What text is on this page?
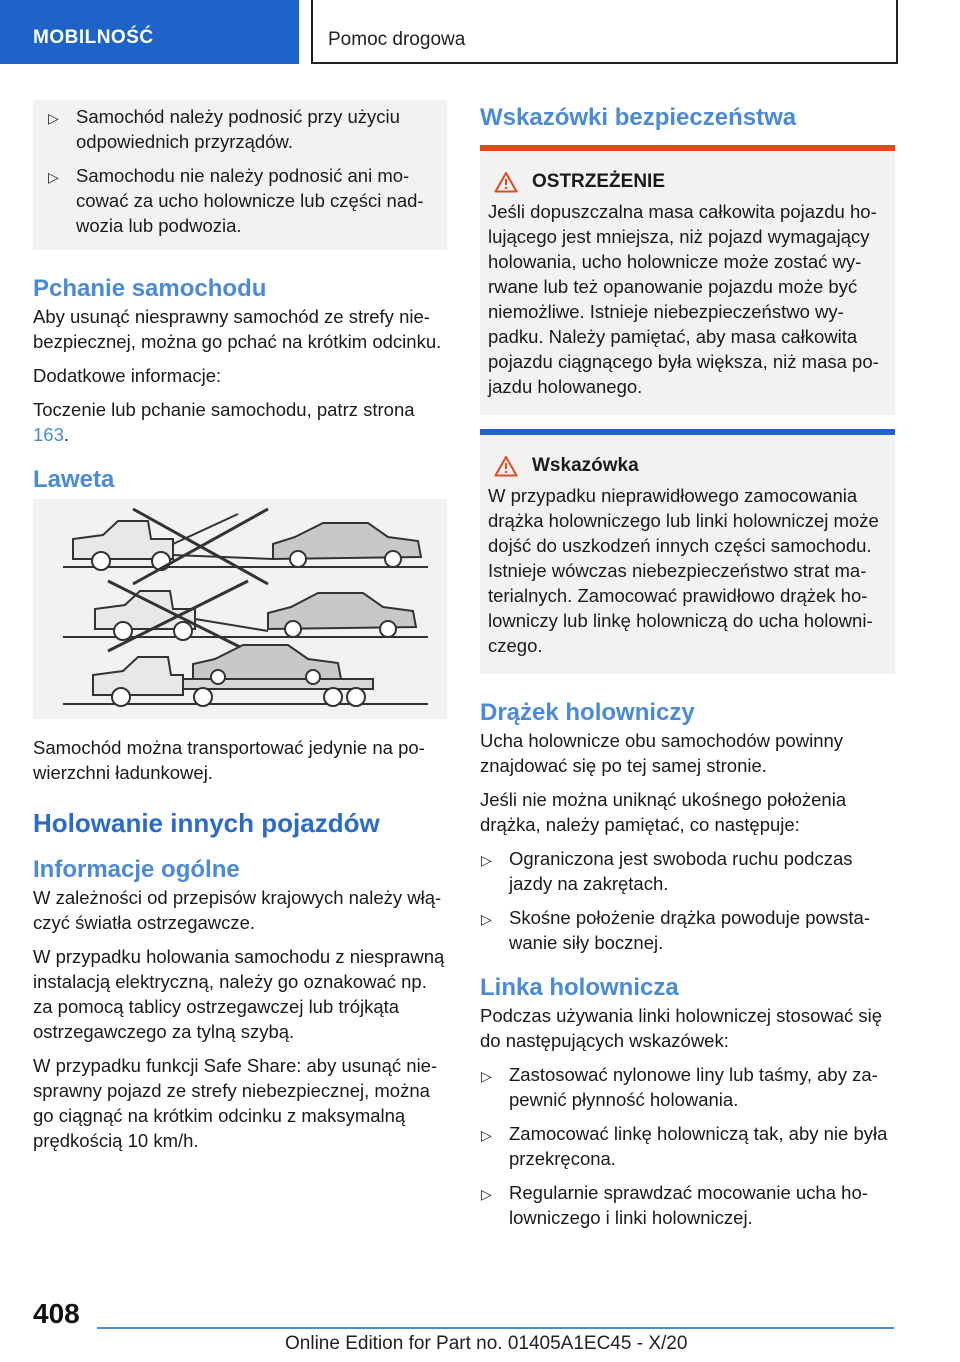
MOBILNOŚĆ	Pomoc drogowa
▷ Samochód należy podnosić przy użyciu odpowiednich przyrządów.
▷ Samochodu nie należy podnosić ani mocować za ucho holownicze lub części nadwozia lub podwozia.
Pchanie samochodu

Aby usunąć niesprawny samochód ze strefy niebezpiecznej, można go pchać na krótkim odcinku.

Dodatkowe informacje:

Toczenie lub pchanie samochodu, patrz strona 163.

Laweta

Samochód można transportować jedynie na powierzchni ładunkowej.

Holowanie innych pojazdów
Informacje ogólne

W zależności od przepisów krajowych należy włączyć światła ostrzegawcze.

W przypadku holowania samochodu z niesprawną instalacją elektryczną, należy go oznakować np. za pomocą tablicy ostrzegawczej lub trójkąta ostrzegawczego za tylną szybą.

W przypadku funkcji Safe Share: aby usunąć niesprawny pojazd ze strefy niebezpiecznej, można go ciągnąć na krótkim odcinku z maksymalną prędkością 10 km/h.

Wskazówki bezpieczeństwa
OSTRZEŻENIE

Jeśli dopuszczalna masa całkowita pojazdu holującego jest mniejsza, niż pojazd wymagający holowania, ucho holownicze może zostać wyrwane lub też opanowanie pojazdu może być niemożliwe. Istnieje niebezpieczeństwo wypadku. Należy pamiętać, aby masa całkowita pojazdu ciągnącego była większa, niż masa pojazdu holowanego.

Wskazówka

W przypadku nieprawidłowego zamocowania drążka holowniczego lub linki holowniczej może dojść do uszkodzeń innych części samochodu. Istnieje wówczas niebezpieczeństwo strat materialnych. Zamocować prawidłowo drążek holowniczy lub linkę holowniczą do ucha holowniczego.

Drążek holowniczy

Ucha holownicze obu samochodów powinny znajdować się po tej samej stronie.

Jeśli nie można uniknąć ukośnego położenia drążka, należy pamiętać, co następuje:

▷ Ograniczona jest swoboda ruchu podczas jazdy na zakrętach.
▷ Skośne położenie drążka powoduje powstawanie siły bocznej.
Linka holownicza

Podczas używania linki holowniczej stosować się do następujących wskazówek:

▷ Zastosować nylonowe liny lub taśmy, aby zapewnić płynność holowania.
▷ Zamocować linkę holowniczą tak, aby nie była przekręcona.
▷ Regularnie sprawdzać mocowanie ucha holowniczego i linki holowniczej.
408
Online Edition for Part no. 01405A1EC45 - X/20
